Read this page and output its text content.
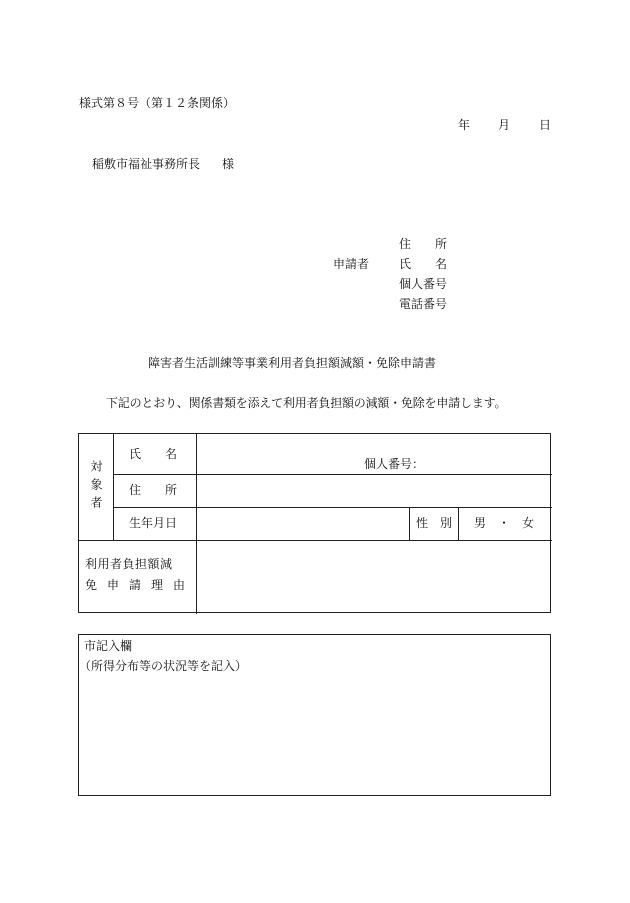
様式第８号（第１２条関係）
年 月 日
稲敷市福祉事務所長 様
申請者
住　　所
氏　　名
個人番号
電話番号
障害者生活訓練等事業利用者負担額減額・免除申請書
下記のとおり、関係書類を添えて利用者負担額の減額・免除を申請します。
対象者
氏　　名
個人番号：
住　　所
生年月日	性　別 男　・　女
利用者負担額減
免申請理由
市記入欄
（所得分布等の状況等を記入）
